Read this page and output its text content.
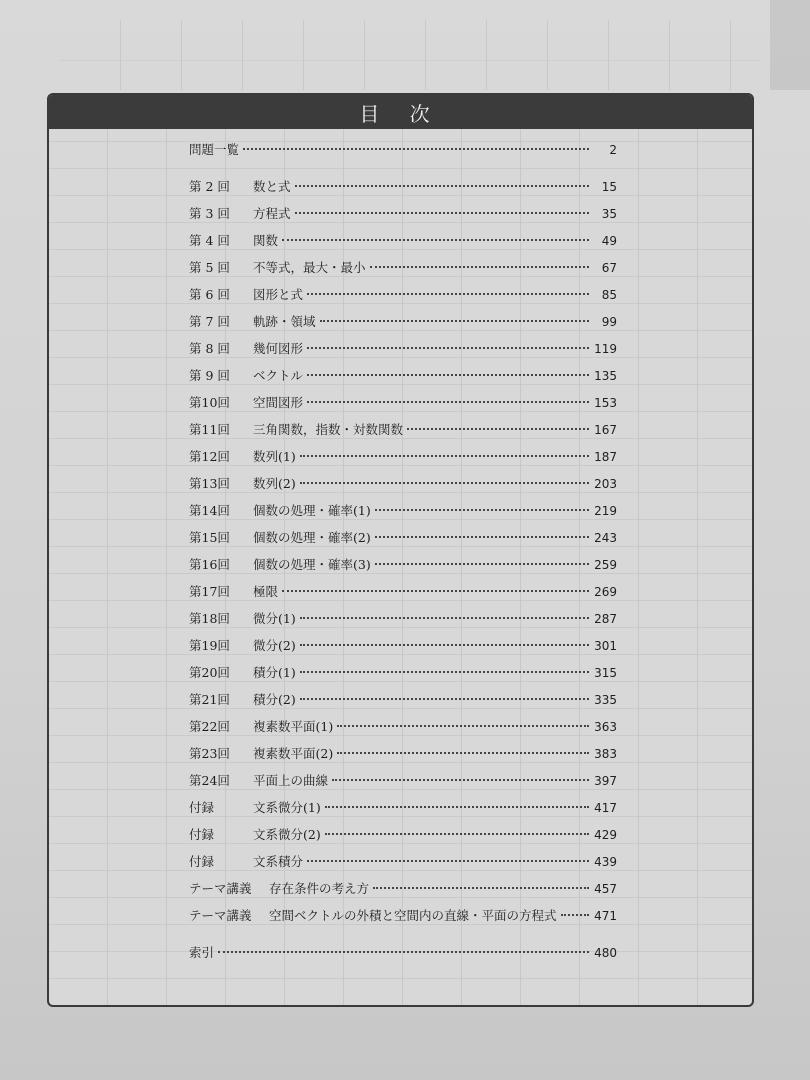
目 次
問題一覧	2
第 2 回	数と式	15
第 3 回	方程式	35
第 4 回	関数	49
第 5 回	不等式，最大・最小	67
第 6 回	図形と式	85
第 7 回	軌跡・領域	99
第 8 回	幾何図形	119
第 9 回	ベクトル	135
第10回	空間図形	153
第11回	三角関数，指数・対数関数	167
第12回	数列(1)	187
第13回	数列(2)	203
第14回	個数の処理・確率(1)	219
第15回	個数の処理・確率(2)	243
第16回	個数の処理・確率(3)	259
第17回	極限	269
第18回	微分(1)	287
第19回	微分(2)	301
第20回	積分(1)	315
第21回	積分(2)	335
第22回	複素数平面(1)	363
第23回	複素数平面(2)	383
第24回	平面上の曲線	397
付録	文系微分(1)	417
付録	文系微分(2)	429
付録	文系積分	439
テーマ講義	存在条件の考え方	457
テーマ講義	空間ベクトルの外積と空間内の直線・平面の方程式	471
索引	480
